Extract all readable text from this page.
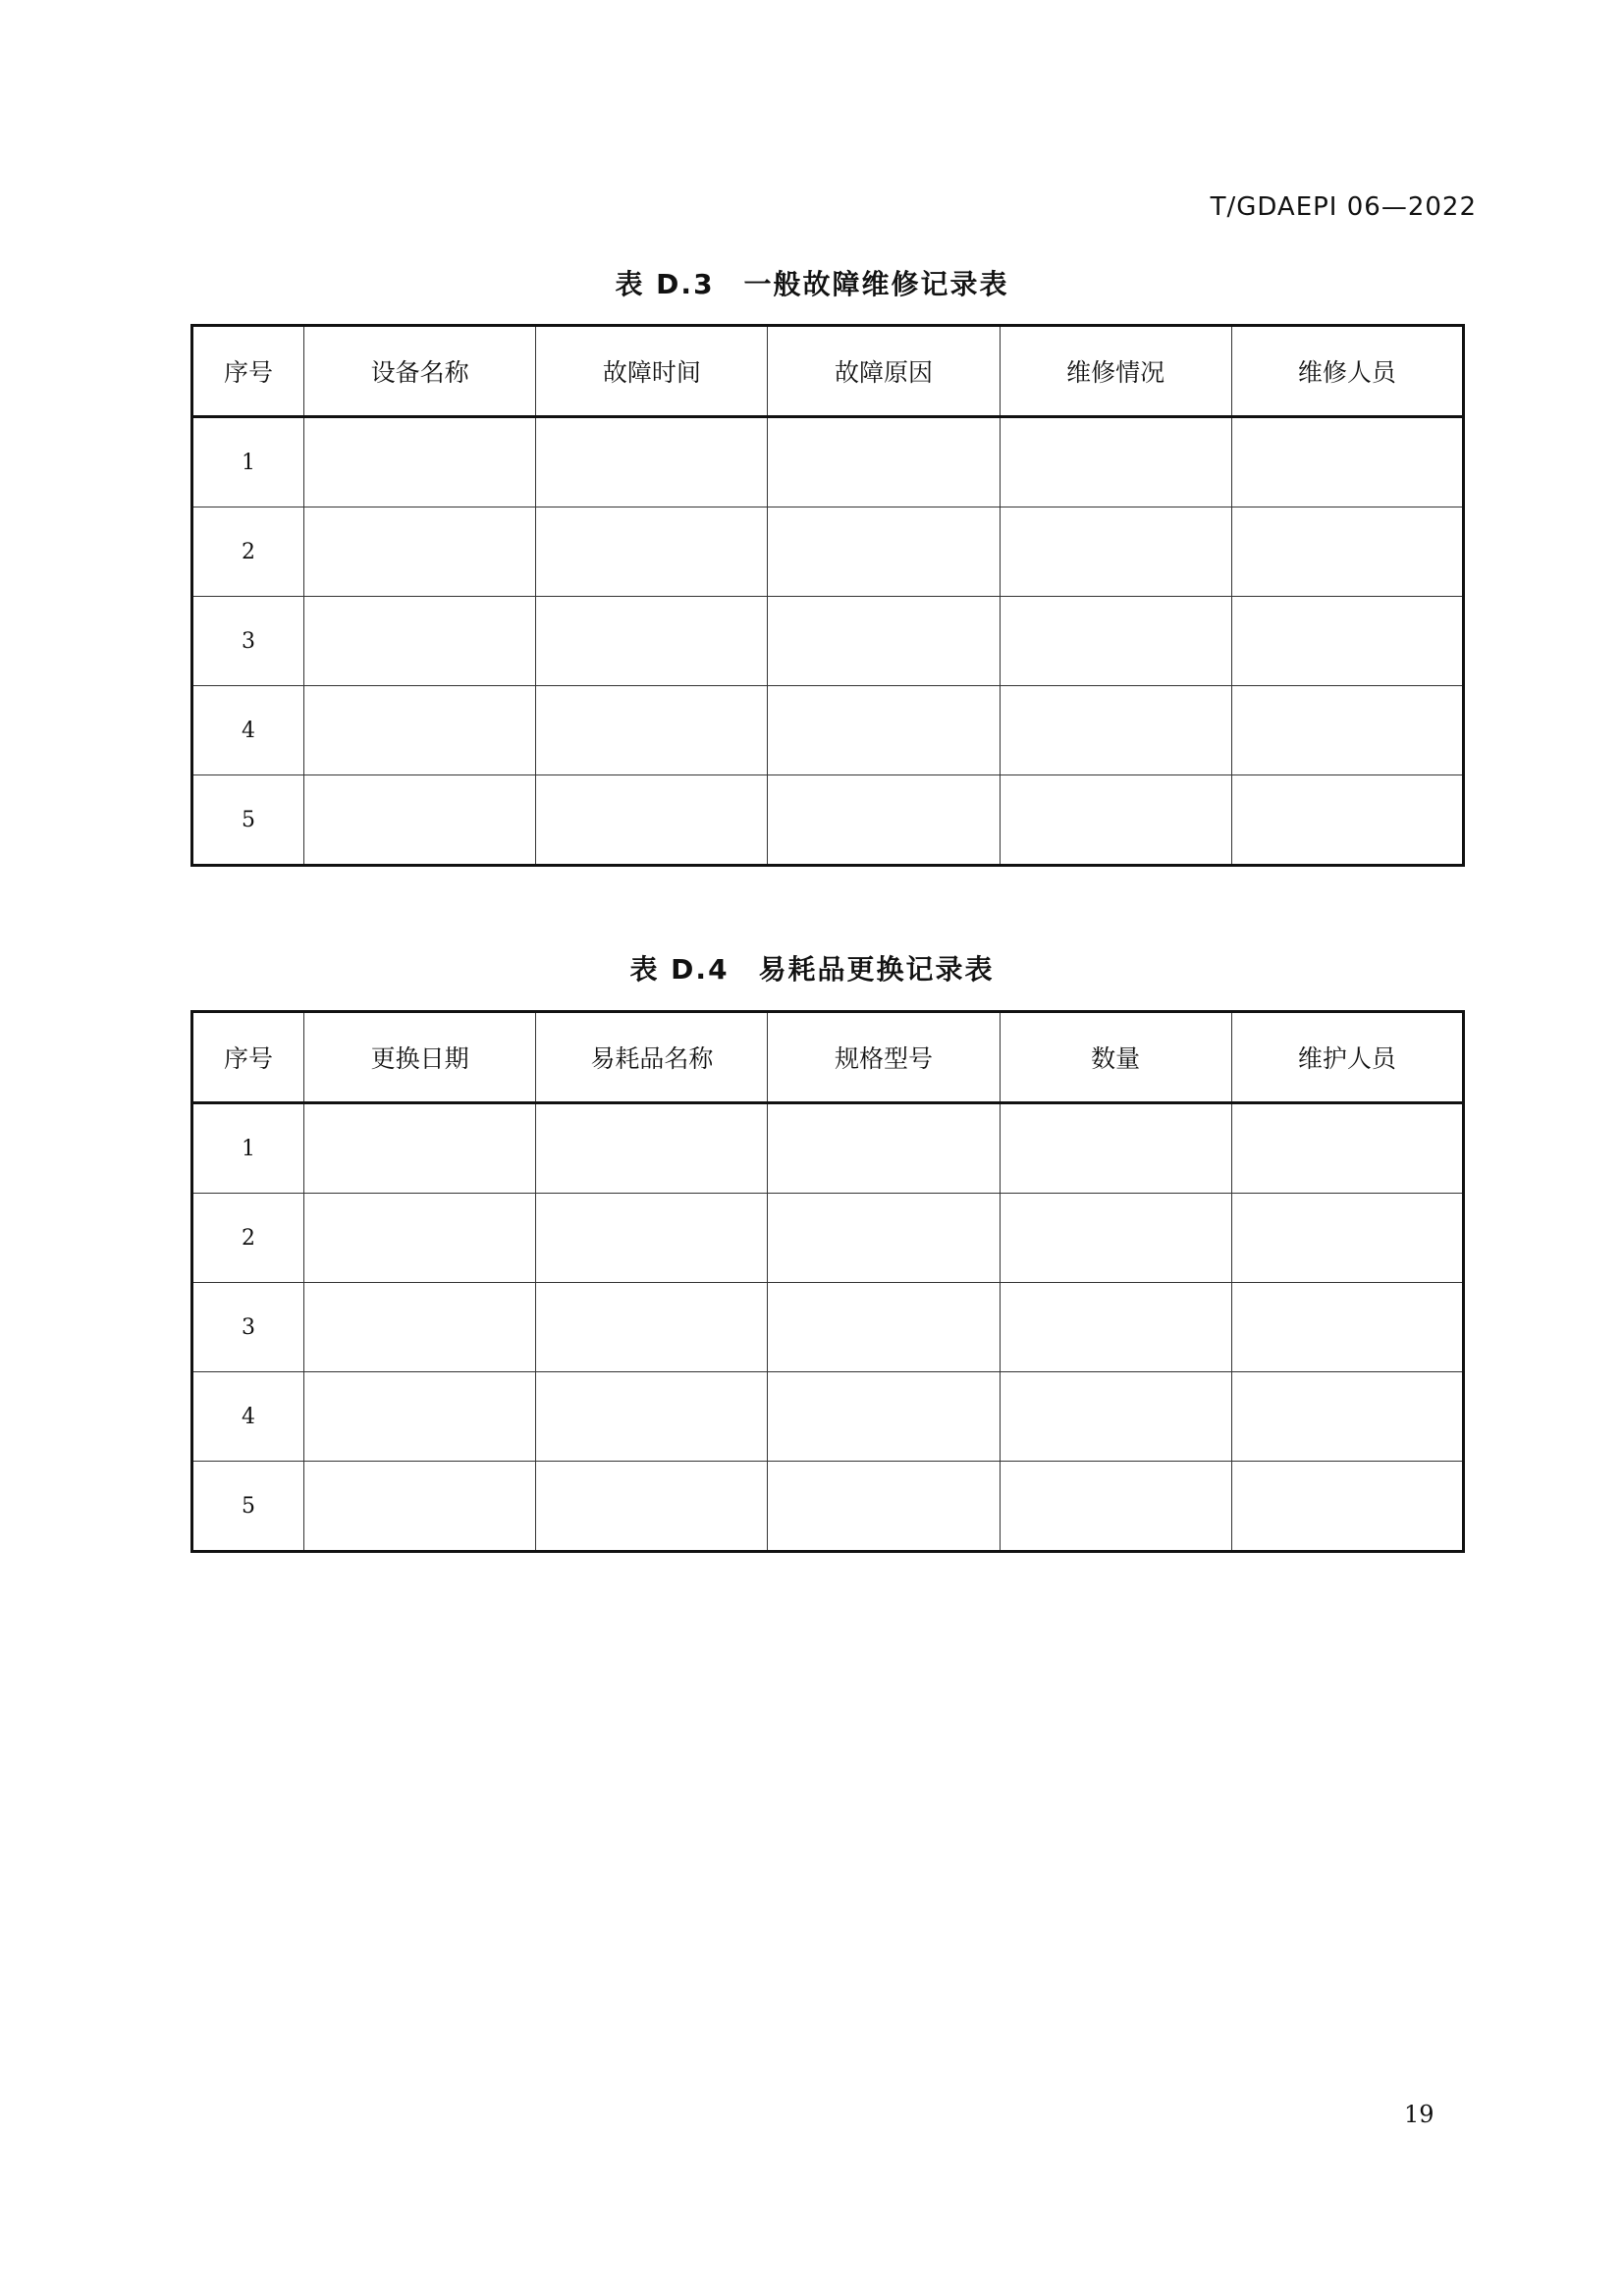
T/GDAEPI 06—2022
表 D.3　一般故障维修记录表
序号	设备名称	故障时间	故障原因	维修情况	维修人员
1					
2					
3					
4					
5					
表 D.4　易耗品更换记录表
序号	更换日期	易耗品名称	规格型号	数量	维护人员
1					
2					
3					
4					
5					
19
